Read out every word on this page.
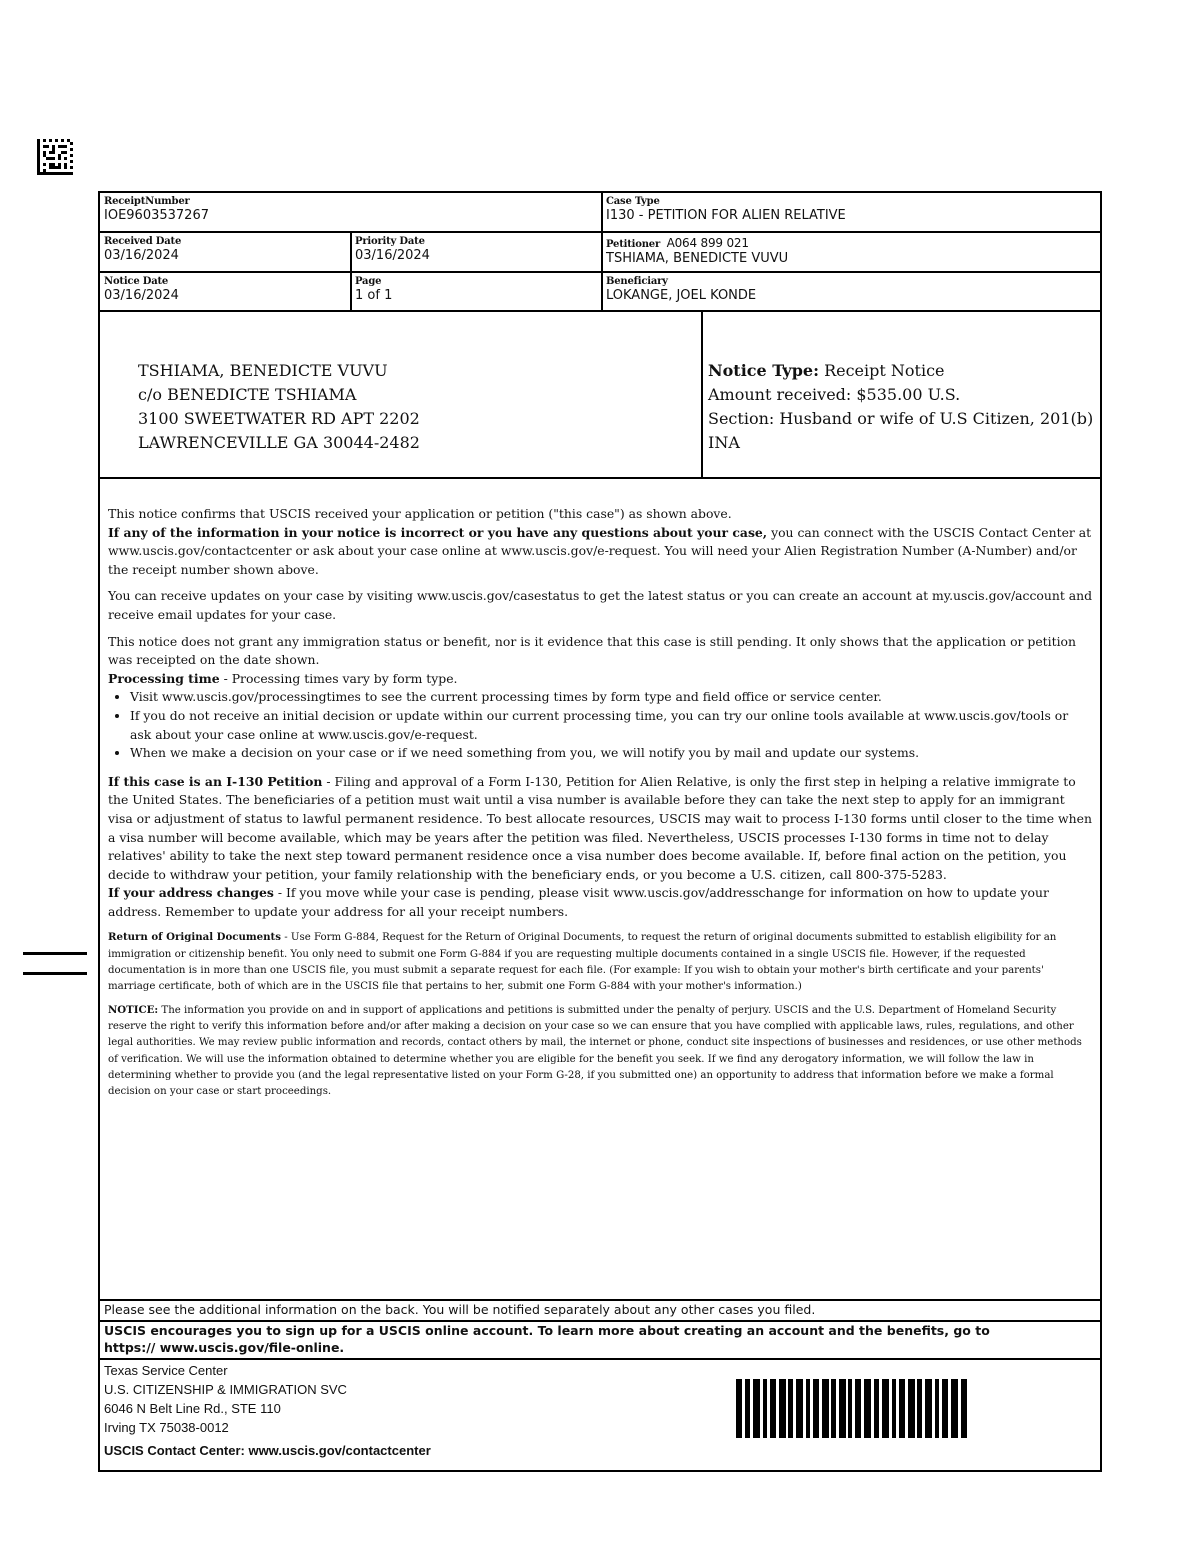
ReceiptNumber
IOE9603537267
Case Type
I130 - PETITION FOR ALIEN RELATIVE
Received Date
03/16/2024
Priority Date
03/16/2024
Petitioner A064 899 021
TSHIAMA, BENEDICTE VUVU
Notice Date
03/16/2024
Page
1 of 1
Beneficiary
LOKANGE, JOEL KONDE
TSHIAMA, BENEDICTE VUVU
c/o BENEDICTE TSHIAMA
3100 SWEETWATER RD APT 2202
LAWRENCEVILLE GA 30044-2482
Notice Type: Receipt Notice
Amount received: $535.00 U.S.
Section: Husband or wife of U.S Citizen, 201(b) INA

This notice confirms that USCIS received your application or petition ("this case") as shown above.

If any of the information in your notice is incorrect or you have any questions about your case, you can connect with the USCIS Contact Center at www.uscis.gov/contactcenter or ask about your case online at www.uscis.gov/e-request. You will need your Alien Registration Number (A-Number) and/or the receipt number shown above.

You can receive updates on your case by visiting www.uscis.gov/casestatus to get the latest status or you can create an account at my.uscis.gov/account and receive email updates for your case.

This notice does not grant any immigration status or benefit, nor is it evidence that this case is still pending. It only shows that the application or petition was receipted on the date shown.

Processing time - Processing times vary by form type.

• Visit www.uscis.gov/processingtimes to see the current processing times by form type and field office or service center.
• If you do not receive an initial decision or update within our current processing time, you can try our online tools available at www.uscis.gov/tools or ask about your case online at www.uscis.gov/e-request.
• When we make a decision on your case or if we need something from you, we will notify you by mail and update our systems.

If this case is an I-130 Petition - Filing and approval of a Form I-130, Petition for Alien Relative, is only the first step in helping a relative immigrate to the United States. The beneficiaries of a petition must wait until a visa number is available before they can take the next step to apply for an immigrant visa or adjustment of status to lawful permanent residence. To best allocate resources, USCIS may wait to process I-130 forms until closer to the time when a visa number will become available, which may be years after the petition was filed. Nevertheless, USCIS processes I-130 forms in time not to delay relatives' ability to take the next step toward permanent residence once a visa number does become available. If, before final action on the petition, you decide to withdraw your petition, your family relationship with the beneficiary ends, or you become a U.S. citizen, call 800-375-5283.

If your address changes - If you move while your case is pending, please visit www.uscis.gov/addresschange for information on how to update your address. Remember to update your address for all your receipt numbers.

Return of Original Documents - Use Form G-884, Request for the Return of Original Documents, to request the return of original documents submitted to establish eligibility for an immigration or citizenship benefit. You only need to submit one Form G-884 if you are requesting multiple documents contained in a single USCIS file. However, if the requested documentation is in more than one USCIS file, you must submit a separate request for each file. (For example: If you wish to obtain your mother's birth certificate and your parents' marriage certificate, both of which are in the USCIS file that pertains to her, submit one Form G-884 with your mother's information.)

NOTICE: The information you provide on and in support of applications and petitions is submitted under the penalty of perjury. USCIS and the U.S. Department of Homeland Security reserve the right to verify this information before and/or after making a decision on your case so we can ensure that you have complied with applicable laws, rules, regulations, and other legal authorities. We may review public information and records, contact others by mail, the internet or phone, conduct site inspections of businesses and residences, or use other methods of verification. We will use the information obtained to determine whether you are eligible for the benefit you seek. If we find any derogatory information, we will follow the law in determining whether to provide you (and the legal representative listed on your Form G-28, if you submitted one) an opportunity to address that information before we make a formal decision on your case or start proceedings.

Please see the additional information on the back. You will be notified separately about any other cases you filed.
USCIS encourages you to sign up for a USCIS online account. To learn more about creating an account and the benefits, go to https:// www.uscis.gov/file-online.
Texas Service Center
U.S. CITIZENSHIP & IMMIGRATION SVC
6046 N Belt Line Rd., STE 110
Irving TX 75038-0012
USCIS Contact Center: www.uscis.gov/contactcenter
